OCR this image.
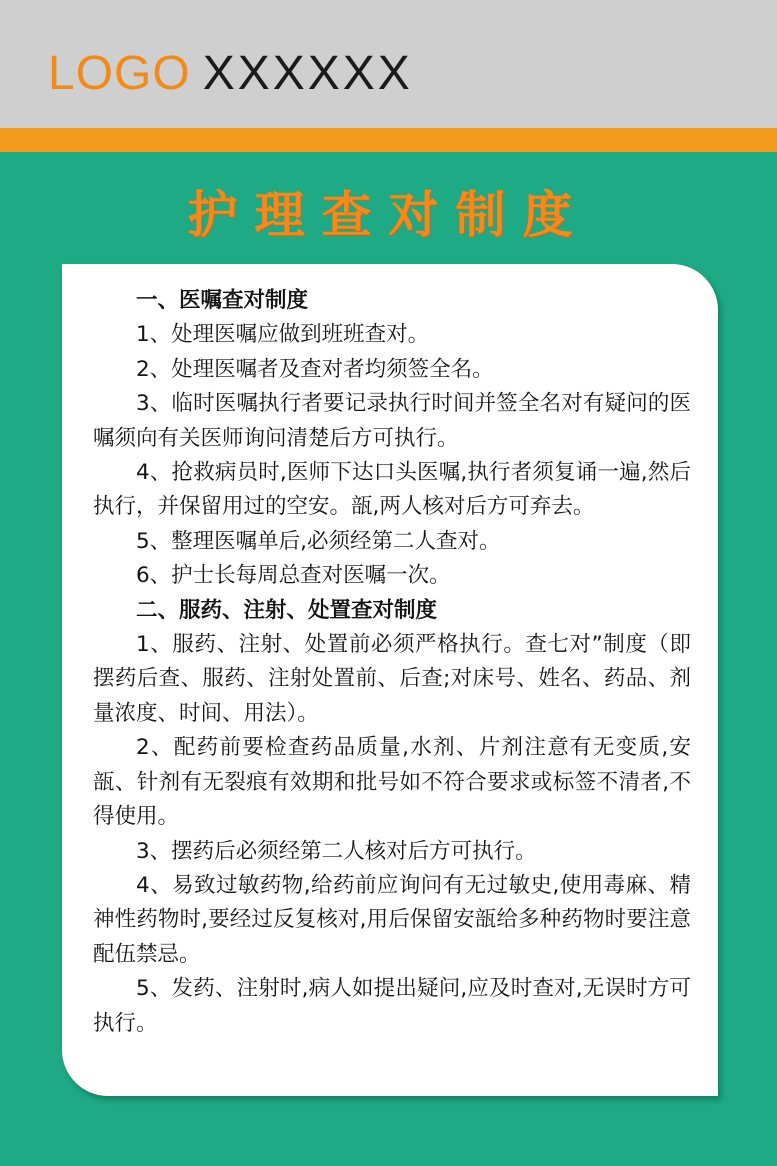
LOGO XXXXXX
护理查对制度

一、医嘱查对制度

1、处理医嘱应做到班班查对。

2、处理医嘱者及查对者均须签全名。

3、临时医嘱执行者要记录执行时间并签全名对有疑问的医嘱须向有关医师询问清楚后方可执行。

4、抢救病员时,医师下达口头医嘱,执行者须复诵一遍,然后执行，并保留用过的空安。瓿,两人核对后方可弃去。

5、整理医嘱单后,必须经第二人查对。

6、护士长每周总查对医嘱一次。

二、服药、注射、处置查对制度

1、服药、注射、处置前必须严格执行。查七对”制度（即摆药后查、服药、注射处置前、后查;对床号、姓名、药品、剂量浓度、时间、用法）。

2、配药前要检查药品质量,水剂、片剂注意有无变质,安瓿、针剂有无裂痕有效期和批号如不符合要求或标签不清者,不得使用。

3、摆药后必须经第二人核对后方可执行。

4、易致过敏药物,给药前应询问有无过敏史,使用毒麻、精神性药物时,要经过反复核对,用后保留安瓿给多种药物时要注意配伍禁忌。

5、发药、注射时,病人如提出疑问,应及时查对,无误时方可执行。
